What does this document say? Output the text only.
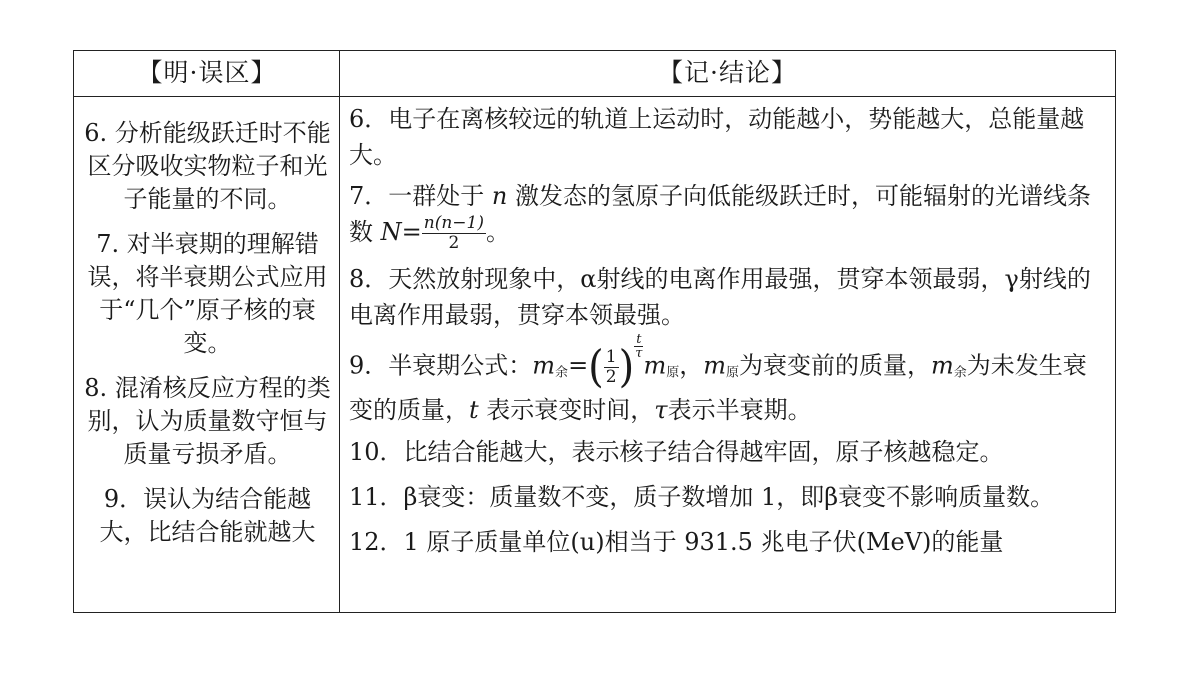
【明·误区】	【记·结论】
6. 分析能级跃迁时不能区分吸收实物粒子和光子能量的不同。
7. 对半衰期的理解错误，将半衰期公式应用于“几个”原子核的衰变。
8. 混淆核反应方程的类别，认为质量数守恒与质量亏损矛盾。
9．误认为结合能越大，比结合能就越大
6．电子在离核较远的轨道上运动时，动能越小，势能越大，总能量越大。
7．一群处于 n 激发态的氢原子向低能级跃迁时，可能辐射的光谱线条数 $N= \frac{n(n-1)}{2}$ 。
8．天然放射现象中，α射线的电离作用最强，贯穿本领最弱，γ射线的电离作用最弱，贯穿本领最强。
9．半衰期公式：$m_余=( \frac{1}{2}$ ) $\frac{t}{\tau}$
$m_原$，$m_原$为衰变前的质量，$m_余$为未发生衰变的质量，t 表示衰变时间，τ表示半衰期。
10．比结合能越大，表示核子结合得越牢固，原子核越稳定。
11．β衰变：质量数不变，质子数增加 1，即β衰变不影响质量数。
12．1 原子质量单位(u)相当于 931.5 兆电子伏(MeV)的能量
